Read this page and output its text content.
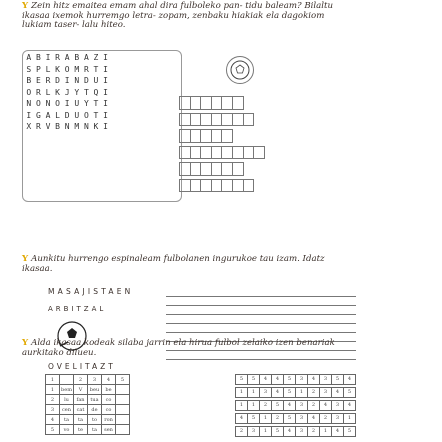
Y Zein hitz emaitea emam ahal dira fulboleko pan- tidu baleam? Bilaltu ikasaa ixemok hurremgo letra- zopam, zenbaku hiakiak ela dagokiom lukiam taser- lalu hiteo.
A B I R A B A Z I
S P L K O M R T I
B E R D I N D U I
O R L K J Y T Q I
N O N O I U Y T I
I G A L D U O T I
X R V B N M N K I
Y Aunkitu hurrengo espinaleam fulbolanen ingurukoe tau izam. Idatz ikasaa.
MASAJISTAEN
ARBITZAL
OVELITAZT
Y Alda ikasaa kodeak silaba jarrin ela hirua fulbol zelaiko izen benariak aurkitako dilueu.
1		2	3	4	5
1	bem	V	beu	be	
2	lu	fan	tua	co	
3	cen	cat	de	co	
4	ta	ta	to	ron	
5	vo	te	ta	sen	
5	5	4	4	5	3	4	3	5	4
1	1	3	4	5	1	2	3	4	5
1	1	2	5	4	3	2	4	3	4
4	5	1	2	5	3	4	2	3	1
2	3	1	5	4	3	2	1	4	5
